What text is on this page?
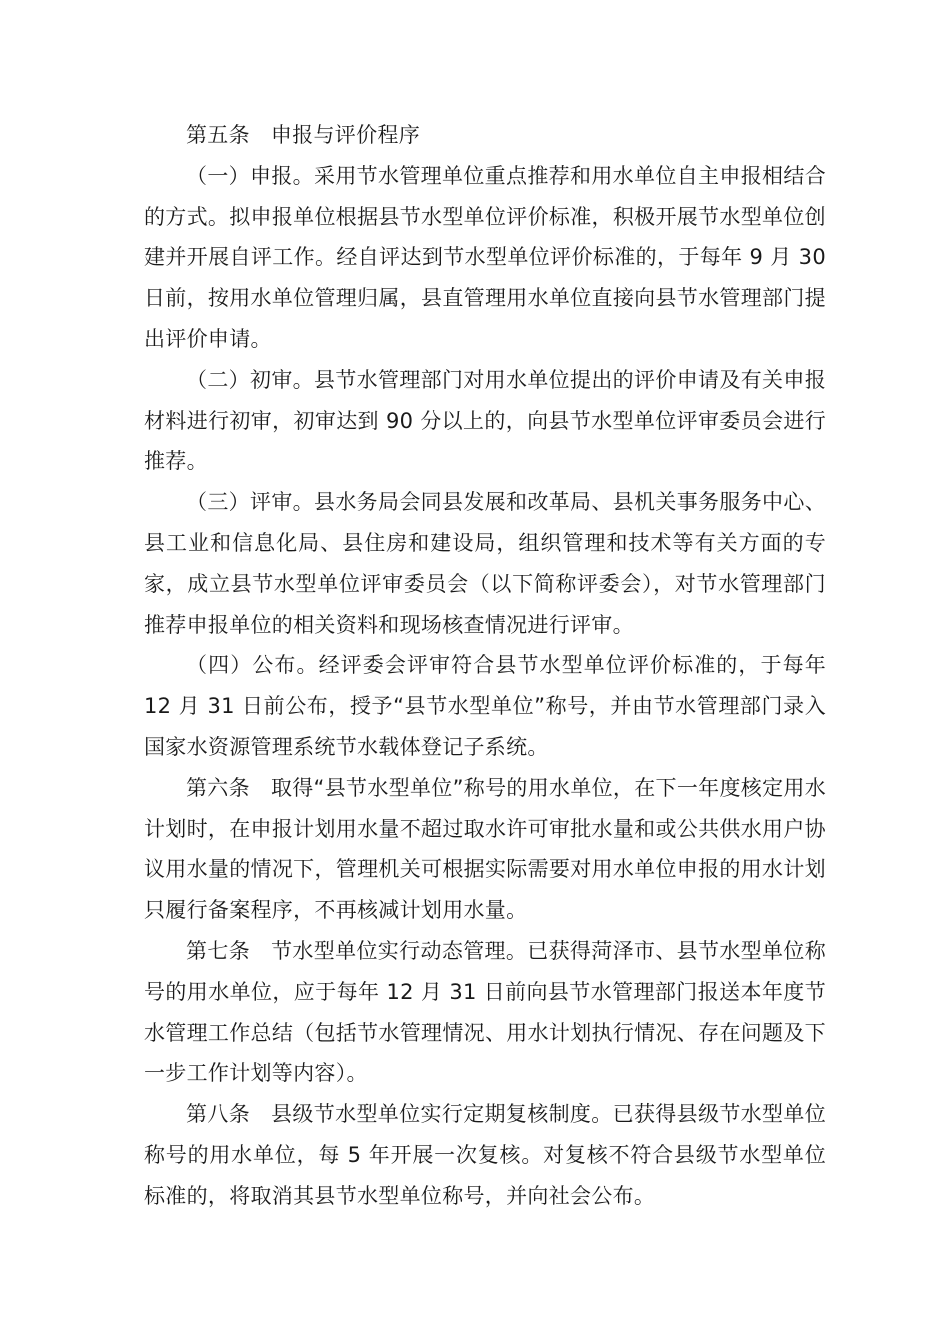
第五条 申报与评价程序

（一）申报。采用节水管理单位重点推荐和用水单位自主申报相结合的方式。拟申报单位根据县节水型单位评价标准，积极开展节水型单位创建并开展自评工作。经自评达到节水型单位评价标准的，于每年 9 月 30 日前，按用水单位管理归属，县直管理用水单位直接向县节水管理部门提出评价申请。

（二）初审。县节水管理部门对用水单位提出的评价申请及有关申报材料进行初审，初审达到 90 分以上的，向县节水型单位评审委员会进行推荐。

（三）评审。县水务局会同县发展和改革局、县机关事务服务中心、县工业和信息化局、县住房和建设局，组织管理和技术等有关方面的专家，成立县节水型单位评审委员会（以下简称评委会），对节水管理部门推荐申报单位的相关资料和现场核查情况进行评审。

（四）公布。经评委会评审符合县节水型单位评价标准的，于每年 12 月 31 日前公布，授予“县节水型单位”称号，并由节水管理部门录入国家水资源管理系统节水载体登记子系统。

第六条 取得“县节水型单位”称号的用水单位，在下一年度核定用水计划时，在申报计划用水量不超过取水许可审批水量和或公共供水用户协议用水量的情况下，管理机关可根据实际需要对用水单位申报的用水计划只履行备案程序，不再核减计划用水量。

第七条 节水型单位实行动态管理。已获得菏泽市、县节水型单位称号的用水单位，应于每年 12 月 31 日前向县节水管理部门报送本年度节水管理工作总结（包括节水管理情况、用水计划执行情况、存在问题及下一步工作计划等内容）。

第八条 县级节水型单位实行定期复核制度。已获得县级节水型单位称号的用水单位，每 5 年开展一次复核。对复核不符合县级节水型单位标准的，将取消其县节水型单位称号，并向社会公布。
